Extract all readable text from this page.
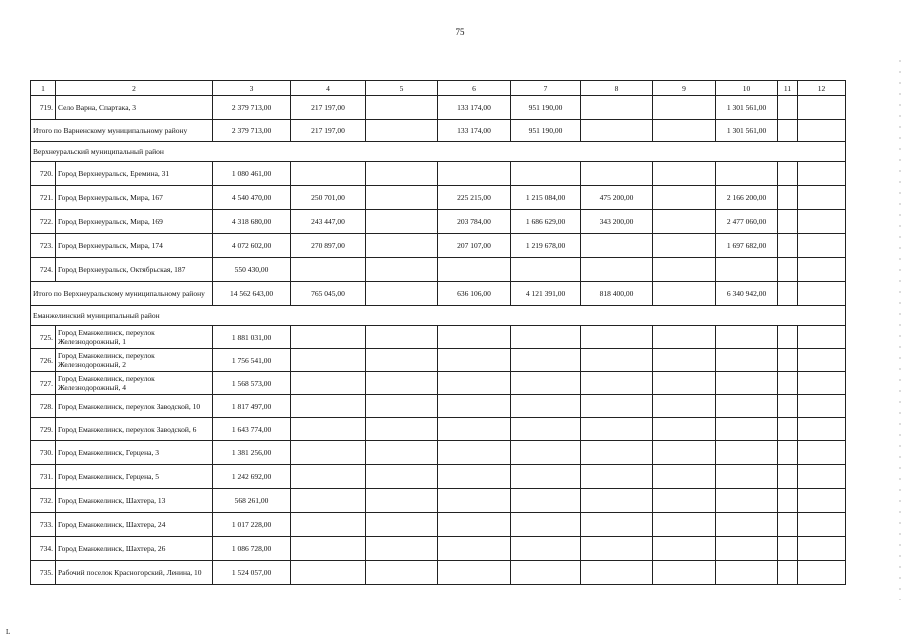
75
1	2	3	4	5	6	7	8	9	10	11	12
719.	Село Варна, Спартака, 3	2 379 713,00	217 197,00		133 174,00	951 190,00			1 301 561,00		
Итого по Варненскому муниципальному району		2 379 713,00	217 197,00		133 174,00	951 190,00			1 301 561,00		
Верхнеуральский муниципальный район											
720.	Город Верхнеуральск, Еремина, 31	1 080 461,00									
721.	Город Верхнеуральск, Мира, 167	4 540 470,00	250 701,00		225 215,00	1 215 084,00	475 200,00		2 166 200,00		
722.	Город Верхнеуральск, Мира, 169	4 318 680,00	243 447,00		203 784,00	1 686 629,00	343 200,00		2 477 060,00		
723.	Город Верхнеуральск, Мира, 174	4 072 602,00	270 897,00		207 107,00	1 219 678,00			1 697 682,00		
724.	Город Верхнеуральск, Октябрьская, 187	550 430,00									
Итого по Верхнеуральскому муниципальному району		14 562 643,00	765 045,00		636 106,00	4 121 391,00	818 400,00		6 340 942,00		
Еманжелинский муниципальный район											
725.	Город Еманжелинск, переулок Железнодорожный, 1	1 881 031,00									
726.	Город Еманжелинск, переулок Железнодорожный, 2	1 756 541,00									
727.	Город Еманжелинск, переулок Железнодорожный, 4	1 568 573,00									
728.	Город Еманжелинск, переулок Заводской, 10	1 817 497,00									
729.	Город Еманжелинск, переулок Заводской, 6	1 643 774,00									
730.	Город Еманжелинск, Герцена, 3	1 381 256,00									
731.	Город Еманжелинск, Герцена, 5	1 242 692,00									
732.	Город Еманжелинск, Шахтера, 13	568 261,00									
733.	Город Еманжелинск, Шахтера, 24	1 017 228,00									
734.	Город Еманжелинск, Шахтера, 26	1 086 728,00									
735.	Рабочий поселок Красногорский, Ленина, 10	1 524 057,00									
L
